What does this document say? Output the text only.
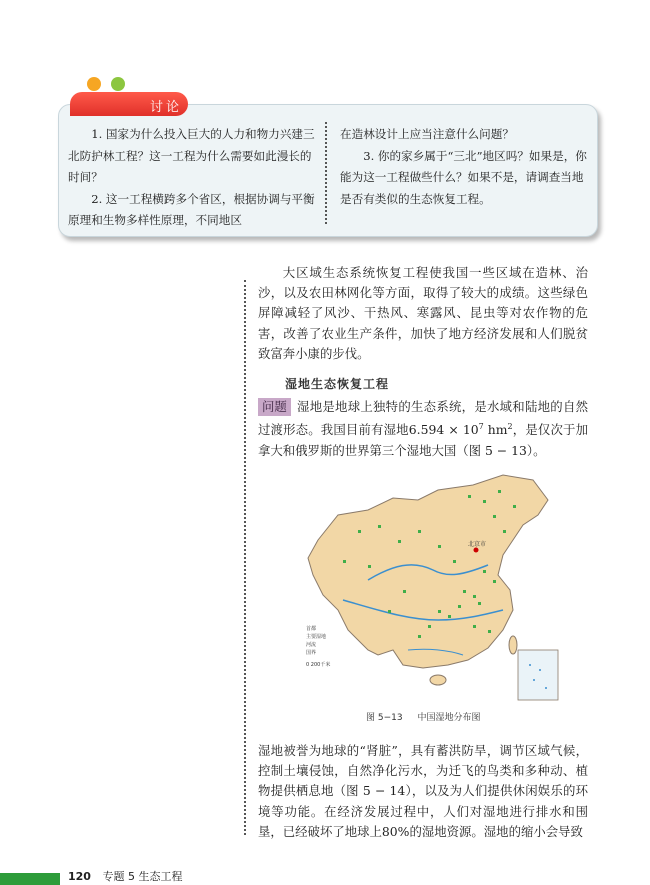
讨论

1. 国家为什么投入巨大的人力和物力兴建三北防护林工程？这一工程为什么需要如此漫长的时间？

2. 这一工程横跨多个省区，根据协调与平衡原理和生物多样性原理，不同地区

在造林设计上应当注意什么问题？

3. 你的家乡属于“三北”地区吗？如果是，你能为这一工程做些什么？如果不是，请调查当地是否有类似的生态恢复工程。

大区域生态系统恢复工程使我国一些区域在造林、治沙，以及农田林网化等方面，取得了较大的成绩。这些绿色屏障减轻了风沙、干热风、寒露风、昆虫等对农作物的危害，改善了农业生产条件，加快了地方经济发展和人们脱贫致富奔小康的步伐。

湿地生态恢复工程

问题 湿地是地球上独特的生态系统，是水域和陆地的自然过渡形态。我国目前有湿地$6.594 \times 10^7$ $hm^2$，是仅次于加拿大和俄罗斯的世界第三个湿地大国（图 5 − 13）。

北京市
首都
主要湿地
河流
国界
0 200千米
图 5−13 中国湿地分布图

湿地被誉为地球的“肾脏”，具有蓄洪防旱，调节区域气候，控制土壤侵蚀，自然净化污水，为迁飞的鸟类和多种动、植物提供栖息地（图 5 − 14），以及为人们提供休闲娱乐的环境等功能。在经济发展过程中，人们对湿地进行排水和围垦，已经破坏了地球上80%的湿地资源。湿地的缩小会导致

120 专题 5 生态工程
